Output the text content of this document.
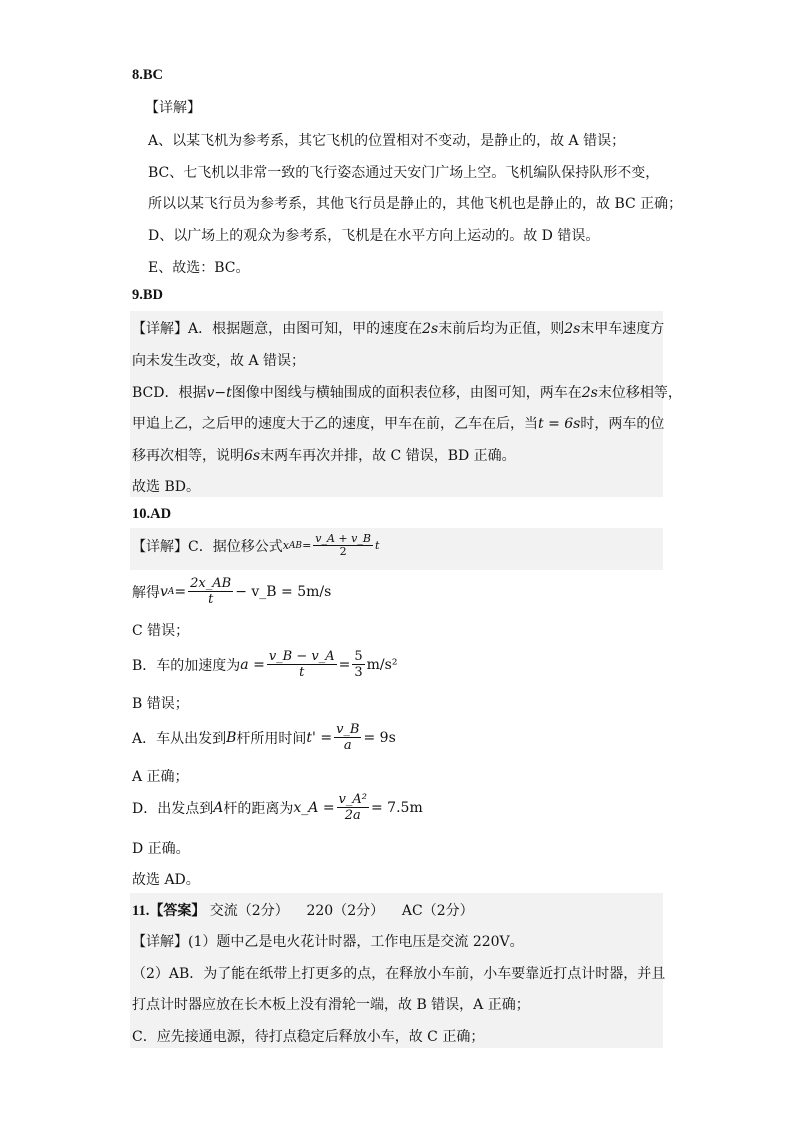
8.BC
【详解】
A、以某飞机为参考系，其它飞机的位置相对不变动，是静止的，故 A 错误；
BC、七飞机以非常一致的飞行姿态通过天安门广场上空。飞机编队保持队形不变，
所以以某飞行员为参考系，其他飞行员是静止的，其他飞机也是静止的，故 BC 正确；
D、以广场上的观众为参考系，飞机是在水平方向上运动的。故 D 错误。
E、故选：BC。
9.BD
【详解】A．根据题意，由图可知，甲的速度在2s末前后均为正值，则2s末甲车速度方
向未发生改变，故 A 错误；
BCD．根据v−t图像中图线与横轴围成的面积表位移，由图可知，两车在2s末位移相等，
甲追上乙，之后甲的速度大于乙的速度，甲车在前，乙车在后，当t = 6s时，两车的位
移再次相等，说明6s末两车再次并排，故 C 错误，BD 正确。
故选 BD。
10.AD
【详解】C．据位移公式 x AB = $\frac{v\_A + v\_B}{2}$ t
解得 v $A = \frac{2x\_AB}{t}$ − v_B = 5m/s
C 错误；
B．车的加速度为 $a = \frac{v\_B - v\_A}{t} = \frac{5}{3} m/s^2$
B 错误；
A．车从出发到 B 杆所用时间 $t' = \frac{v\_B}{a} = 9s$
A 正确；
D．出发点到 A 杆的距离为 x_A = $\frac{\text{v\_A²}}{2a} = 7.5m$
D 正确。
故选 AD。
11.【答案】 交流（2分）    220（2分）    AC（2分）
【详解】(1）题中乙是电火花计时器，工作电压是交流 220V。
（2）AB．为了能在纸带上打更多的点，在释放小车前，小车要靠近打点计时器，并且
打点计时器应放在长木板上没有滑轮一端，故 B 错误，A 正确；
C．应先接通电源，待打点稳定后释放小车，故 C 正确；
